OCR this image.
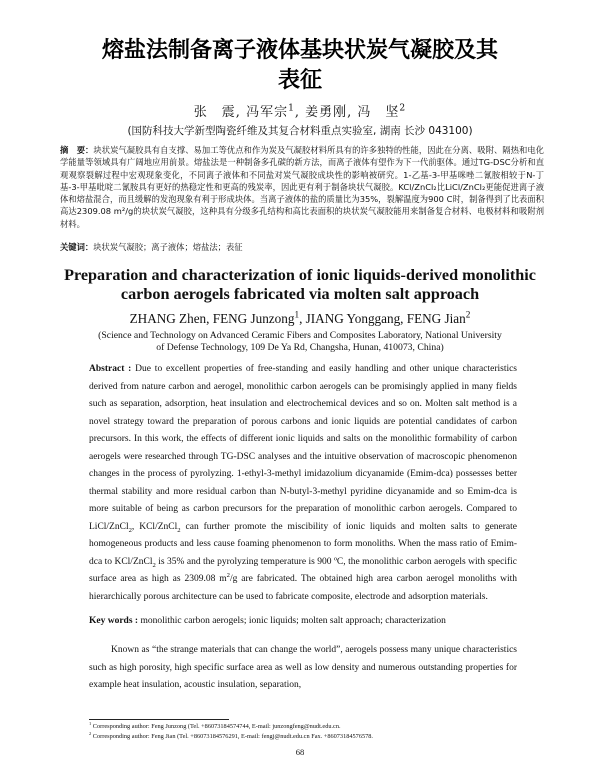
熔盐法制备离子液体基块状炭气凝胶及其
表征
张　震, 冯军宗$^1$, 姜勇刚, 冯　坚$^2$
(国防科技大学新型陶瓷纤维及其复合材料重点实验室, 湖南 长沙 043100)
摘　要：块状炭气凝胶具有自支撑、易加工等优点和作为炭及气凝胶材料所具有的许多独特的性能，因此在分离、吸附、隔热和电化学能量等领域具有广阔地应用前景。熔盐法是一种制备多孔碳的新方法，而离子液体有望作为下一代前驱体。通过TG-DSC分析和直观观察裂解过程中宏观现象变化，不同离子液体和不同盐对炭气凝胶成块性的影响被研究。1-乙基-3-甲基咪唑二氰胺相较于N-丁基-3-甲基吡啶二氰胺具有更好的热稳定性和更高的残炭率，因此更有利于制备块状气凝胶。KCl/ZnCl₂比LiCl/ZnCl₂更能促进离子液体和熔盐混合，而且缓解的发泡现象有利于形成块体。当离子液体的盐的质量比为35%，裂解温度为900 C时，制备得到了比表面积高达2309.08 m²/g的块状炭气凝胶，这种具有分级多孔结构和高比表面积的块状炭气凝胶能用来制备复合材料、电极材料和吸附剂材料。
关键词：块状炭气凝胶；离子液体；熔盐法；表征
Preparation and characterization of ionic liquids-derived monolithic
carbon aerogels fabricated via molten salt approach
ZHANG Zhen, FENG Junzong$^1$, JIANG Yonggang, FENG Jian$^2$
(Science and Technology on Advanced Ceramic Fibers and Composites Laboratory, National University
of Defense Technology, 109 De Ya Rd, Changsha, Hunan, 410073, China)
Abstract : Due to excellent properties of free-standing and easily handling and other unique characteristics derived from nature carbon and aerogel, monolithic carbon aerogels can be promisingly applied in many fields such as separation, adsorption, heat insulation and electrochemical devices and so on. Molten salt method is a novel strategy toward the preparation of porous carbons and ionic liquids are potential candidates of carbon precursors. In this work, the effects of different ionic liquids and salts on the monolithic formability of carbon aerogels were researched through TG-DSC analyses and the intuitive observation of macroscopic phenomenon changes in the process of pyrolyzing. 1-ethyl-3-methyl imidazolium dicyanamide (Emim-dca) possesses better thermal stability and more residual carbon than N-butyl-3-methyl pyridine dicyanamide and so Emim-dca is more suitable of being as carbon precursors for the preparation of monolithic carbon aerogels. Compared to LiCl/ZnCl$_2$, KCl/ZnCl$_2$ can further promote the miscibility of ionic liquids and molten salts to generate homogeneous products and less cause foaming phenomenon to form monoliths. When the mass ratio of Emim-dca to KCl/ZnCl$_2$ is 35% and the pyrolyzing temperature is 900 ºC, the monolithic carbon aerogels with specific surface area as high as 2309.08 $m^2/g$ are fabricated. The obtained high area carbon aerogel monoliths with hierarchically porous architecture can be used to fabricate composite, electrode and adsorption materials.
Key words : monolithic carbon aerogels; ionic liquids; molten salt approach; characterization
Known as “the strange materials that can change the world”, aerogels possess many unique characteristics such as high porosity, high specific surface area as well as low density and numerous outstanding properties for example heat insulation, acoustic insulation, separation,
$^1$ Corresponding author: Feng Junzong (Tel. +86073184574744, E-mail: junzongfeng@nudt.edu.cn.
$^2$ Corresponding author: Feng Jian (Tel. +86073184576291, E-mail: fengj@nudt.edu.cn Fax. +86073184576578.
68
